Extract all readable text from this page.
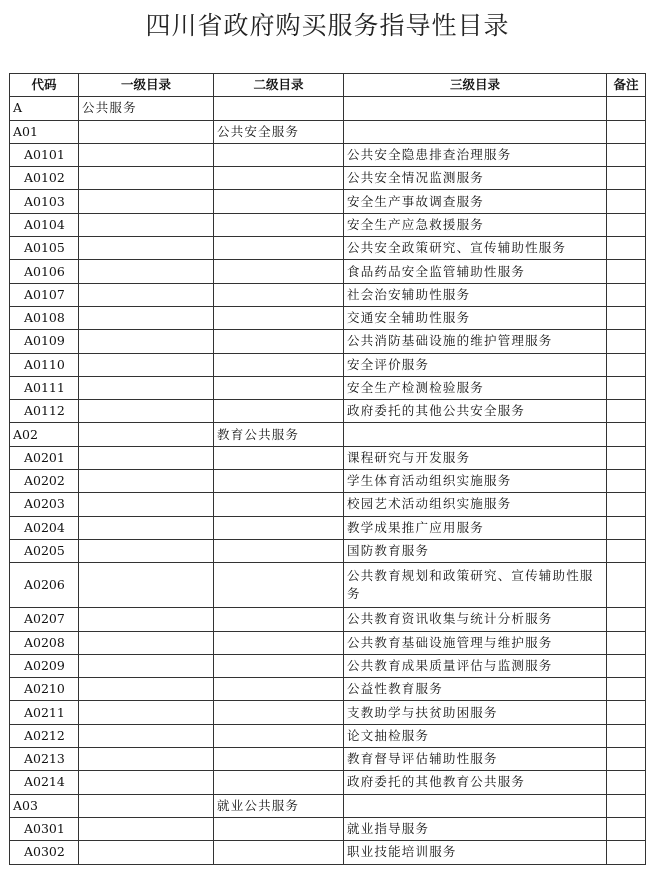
四川省政府购买服务指导性目录
代码	一级目录	二级目录	三级目录	备注
A	公共服务			
A01		公共安全服务		
A0101			公共安全隐患排查治理服务	
A0102			公共安全情况监测服务	
A0103			安全生产事故调查服务	
A0104			安全生产应急救援服务	
A0105			公共安全政策研究、宣传辅助性服务	
A0106			食品药品安全监管辅助性服务	
A0107			社会治安辅助性服务	
A0108			交通安全辅助性服务	
A0109			公共消防基础设施的维护管理服务	
A0110			安全评价服务	
A0111			安全生产检测检验服务	
A0112			政府委托的其他公共安全服务	
A02		教育公共服务		
A0201			课程研究与开发服务	
A0202			学生体育活动组织实施服务	
A0203			校园艺术活动组织实施服务	
A0204			教学成果推广应用服务	
A0205			国防教育服务	
A0206			公共教育规划和政策研究、宣传辅助性服务	
A0207			公共教育资讯收集与统计分析服务	
A0208			公共教育基础设施管理与维护服务	
A0209			公共教育成果质量评估与监测服务	
A0210			公益性教育服务	
A0211			支教助学与扶贫助困服务	
A0212			论文抽检服务	
A0213			教育督导评估辅助性服务	
A0214			政府委托的其他教育公共服务	
A03		就业公共服务		
A0301			就业指导服务	
A0302			职业技能培训服务	
